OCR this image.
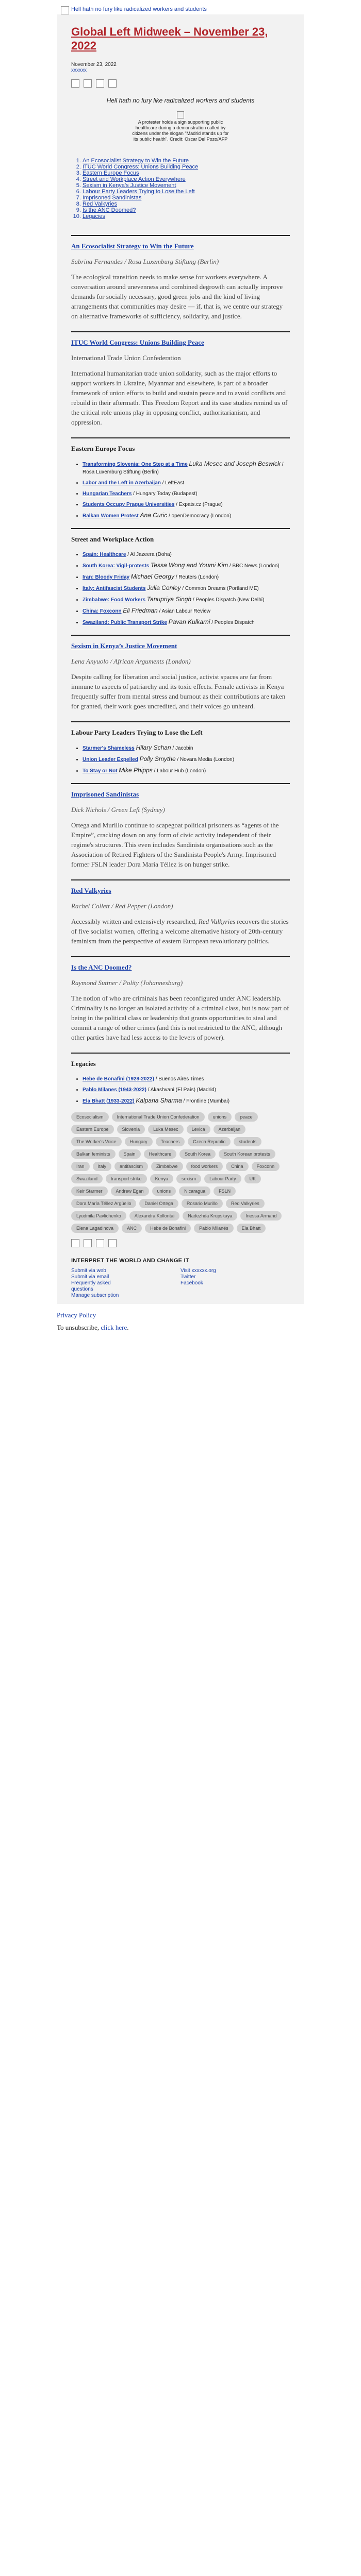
Hell hath no fury like radicalized workers and students
Global Left Midweek – November 23, 2022
November 23, 2022
xxxxxx

Hell hath no fury like radicalized workers and students

A protester holds a sign supporting public healthcare during a demonstration called by citizens under the slogan "Madrid stands up for its public health". Credit: Oscar Del Pozo/AFP
1. An Ecosocialist Strategy to Win the Future
2. ITUC World Congress: Unions Building Peace
3. Eastern Europe Focus
4. Street and Workplace Action Everywhere
5. Sexism in Kenya’s Justice Movement
6. Labour Party Leaders Trying to Lose the Left
7. Imprisoned Sandinistas
8. Red Valkyries
9. Is the ANC Doomed?
10. Legacies
An Ecosocialist Strategy to Win the Future

Sabrina Fernandes / Rosa Luxemburg Stiftung (Berlin)

The ecological transition needs to make sense for workers everywhere. A conversation around unevenness and combined degrowth can actually improve demands for socially necessary, good green jobs and the kind of living arrangements that communities may desire — if, that is, we centre our strategy on alternative frameworks of sufficiency, solidarity, and justice.

ITUC World Congress: Unions Building Peace

International Trade Union Confederation

International humanitarian trade union solidarity, such as the major efforts to support workers in Ukraine, Myanmar and elsewhere, is part of a broader framework of union efforts to build and sustain peace and to avoid conflicts and rebuild in their aftermath. This Freedom Report and its case studies remind us of the critical role unions play in opposing conflict, authoritarianism, and oppression.

Eastern Europe Focus
• Transforming Slovenia: One Step at a Time Luka Mesec and Joseph Beswick / Rosa Luxemburg Stiftung (Berlin)
• Labor and the Left in Azerbaijan / LeftEast
• Hungarian Teachers / Hungary Today (Budapest)
• Students Occupy Prague Universities / Expats.cz (Prague)
• Balkan Women Protest Ana Curic / openDemocracy (London)
Street and Workplace Action
• Spain: Healthcare / Al Jazeera (Doha)
• South Korea: Vigil-protests Tessa Wong and Youmi Kim / BBC News (London)
• Iran: Bloody Friday Michael Georgy / Reuters (London)
• Italy: Antifascist Students Julia Conley / Common Dreams (Portland ME)
• Zimbabwe: Food Workers Tanupriya Singh / Peoples Dispatch (New Delhi)
• China: Foxconn Eli Friedman / Asian Labour Review
• Swaziland: Public Transport Strike Pavan Kulkarni / Peoples Dispatch
Sexism in Kenya’s Justice Movement

Lena Anyuolo / African Arguments (London)

Despite calling for liberation and social justice, activist spaces are far from immune to aspects of patriarchy and its toxic effects. Female activists in Kenya frequently suffer from mental stress and burnout as their contributions are taken for granted, their work goes uncredited, and their voices go unheard.

Labour Party Leaders Trying to Lose the Left
• Starmer's Shameless Hilary Schan / Jacobin
• Union Leader Expelled Polly Smythe / Novara Media (London)
• To Stay or Not Mike Phipps / Labour Hub (London)
Imprisoned Sandinistas

Dick Nichols / Green Left (Sydney)

Ortega and Murillo continue to scapegoat political prisoners as “agents of the Empire”, cracking down on any form of civic activity independent of their regime's structures. This even includes Sandinista organisations such as the Association of Retired Fighters of the Sandinista People's Army. Imprisoned former FSLN leader Dora María Téllez is on hunger strike.

Red Valkyries

Rachel Collett / Red Pepper (London)

Accessibly written and extensively researched, Red Valkyries recovers the stories of five socialist women, offering a welcome alternative history of 20th-century feminism from the perspective of eastern European revolutionary politics.

Is the ANC Doomed?

Raymond Suttner / Polity (Johannesburg)

The notion of who are criminals has been reconfigured under ANC leadership. Criminality is no longer an isolated activity of a criminal class, but is now part of being in the political class or leadership that grants opportunities to steal and commit a range of other crimes (and this is not restricted to the ANC, although other parties have had less access to the levers of power).

Legacies
• Hebe de Bonafini (1928-2022) / Buenos Aires Times
• Pablo Milanes (1943-2022) / Akashvani (El País) (Madrid)
• Ela Bhatt (1933-2022) Kalpana Sharma / Frontline (Mumbai)
Ecosocialism	International Trade Union Confederation	unions	peace
Eastern Europe	Slovenia	Luka Mesec	Levica	Azerbaijan
The Worker's Voice	Hungary	Teachers	Czech Republic	students
Balkan feminists	Spain	Healthcare	South Korea	South Korean protests
Iran	Italy	antifascism	Zimbabwe	food workers	China	Foxconn
Swaziland	transport strike	Kenya	sexism	Labour Party	UK
Keir Starmer	Andrew Egan	unions	Nicaragua	FSLN
Dora María Téllez Argüello	Daniel Ortega	Rosario Murillo	Red Valkyries
Lyudmila Pavlichenko	Alexandra Kollontai	Nadezhda Krupskaya	Inessa Armand
Elena Lagadinova	ANC	Hebe de Bonafini	Pablo Milanés	Ela Bhatt
INTERPRET THE WORLD AND CHANGE IT
Submit via web
Submit via email
Frequently asked questions
Manage subscription
Visit xxxxxx.org
Twitter
Facebook

Privacy Policy

To unsubscribe, click here.
